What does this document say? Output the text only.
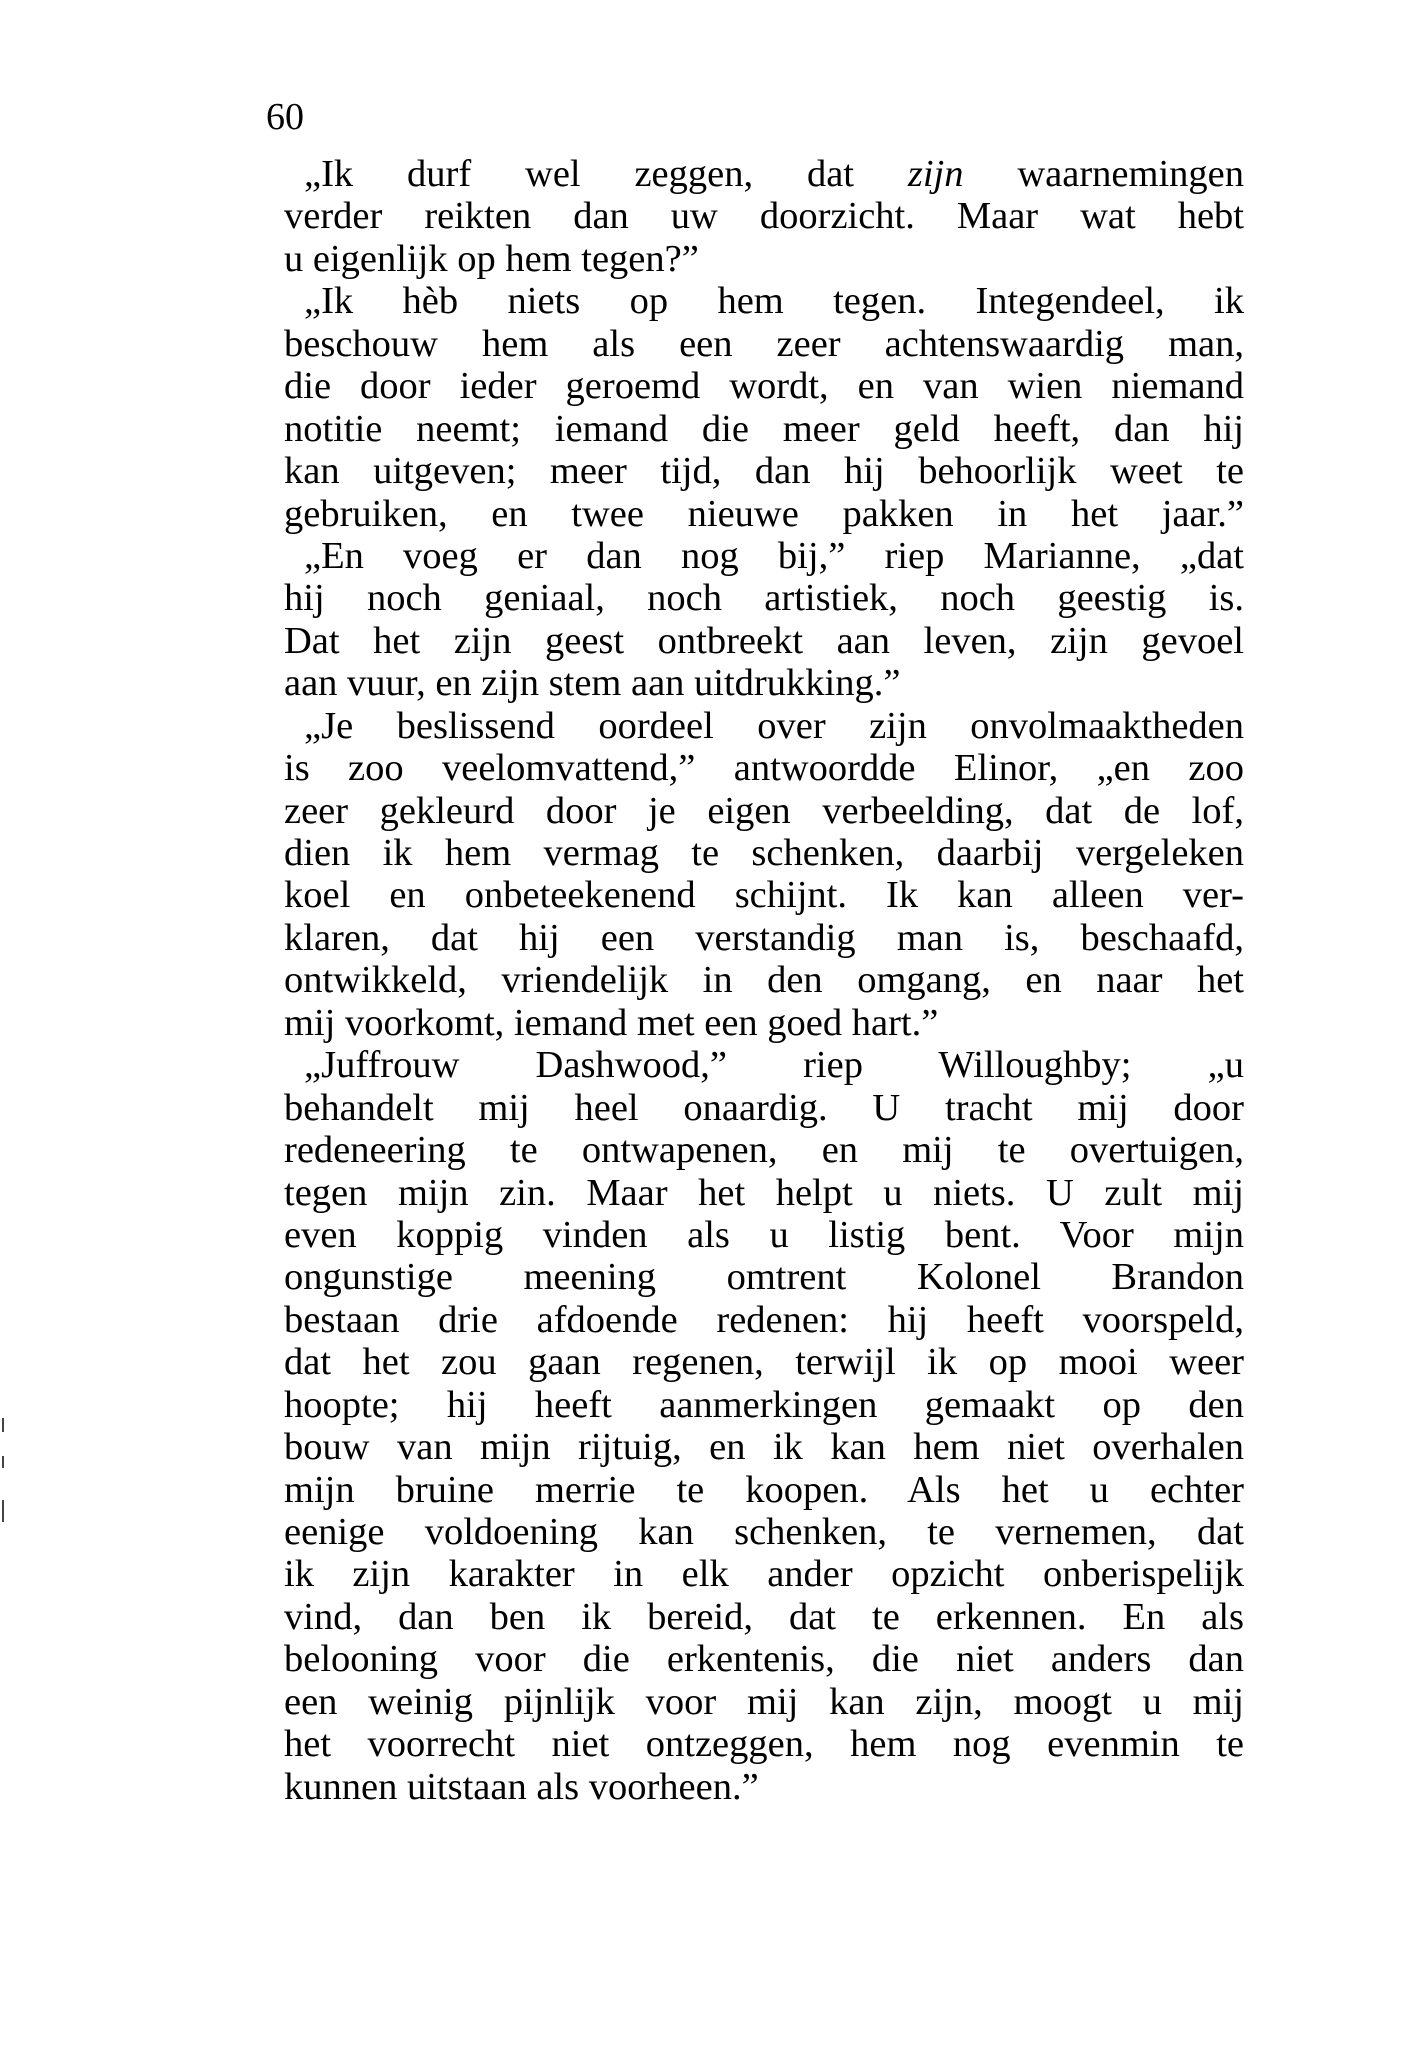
60
„Ik durf wel zeggen, dat zijn waarnemingen
verder reikten dan uw doorzicht. Maar wat hebt
u eigenlijk op hem tegen?”
„Ik hèb niets op hem tegen. Integendeel, ik
beschouw hem als een zeer achtenswaardig man,
die door ieder geroemd wordt, en van wien niemand
notitie neemt; iemand die meer geld heeft, dan hij
kan uitgeven; meer tijd, dan hij behoorlijk weet te
gebruiken, en twee nieuwe pakken in het jaar.”
„En voeg er dan nog bij,” riep Marianne, „dat
hij noch geniaal, noch artistiek, noch geestig is.
Dat het zijn geest ontbreekt aan leven, zijn gevoel
aan vuur, en zijn stem aan uitdrukking.”
„Je beslissend oordeel over zijn onvolmaaktheden
is zoo veelomvattend,” antwoordde Elinor, „en zoo
zeer gekleurd door je eigen verbeelding, dat de lof,
dien ik hem vermag te schenken, daarbij vergeleken
koel en onbeteekenend schijnt. Ik kan alleen ver-
klaren, dat hij een verstandig man is, beschaafd,
ontwikkeld, vriendelijk in den omgang, en naar het
mij voorkomt, iemand met een goed hart.”
„Juffrouw Dashwood,” riep Willoughby; „u
behandelt mij heel onaardig. U tracht mij door
redeneering te ontwapenen, en mij te overtuigen,
tegen mijn zin. Maar het helpt u niets. U zult mij
even koppig vinden als u listig bent. Voor mijn
ongunstige meening omtrent Kolonel Brandon
bestaan drie afdoende redenen: hij heeft voorspeld,
dat het zou gaan regenen, terwijl ik op mooi weer
hoopte; hij heeft aanmerkingen gemaakt op den
bouw van mijn rijtuig, en ik kan hem niet overhalen
mijn bruine merrie te koopen. Als het u echter
eenige voldoening kan schenken, te vernemen, dat
ik zijn karakter in elk ander opzicht onberispelijk
vind, dan ben ik bereid, dat te erkennen. En als
belooning voor die erkentenis, die niet anders dan
een weinig pijnlijk voor mij kan zijn, moogt u mij
het voorrecht niet ontzeggen, hem nog evenmin te
kunnen uitstaan als voorheen.”
